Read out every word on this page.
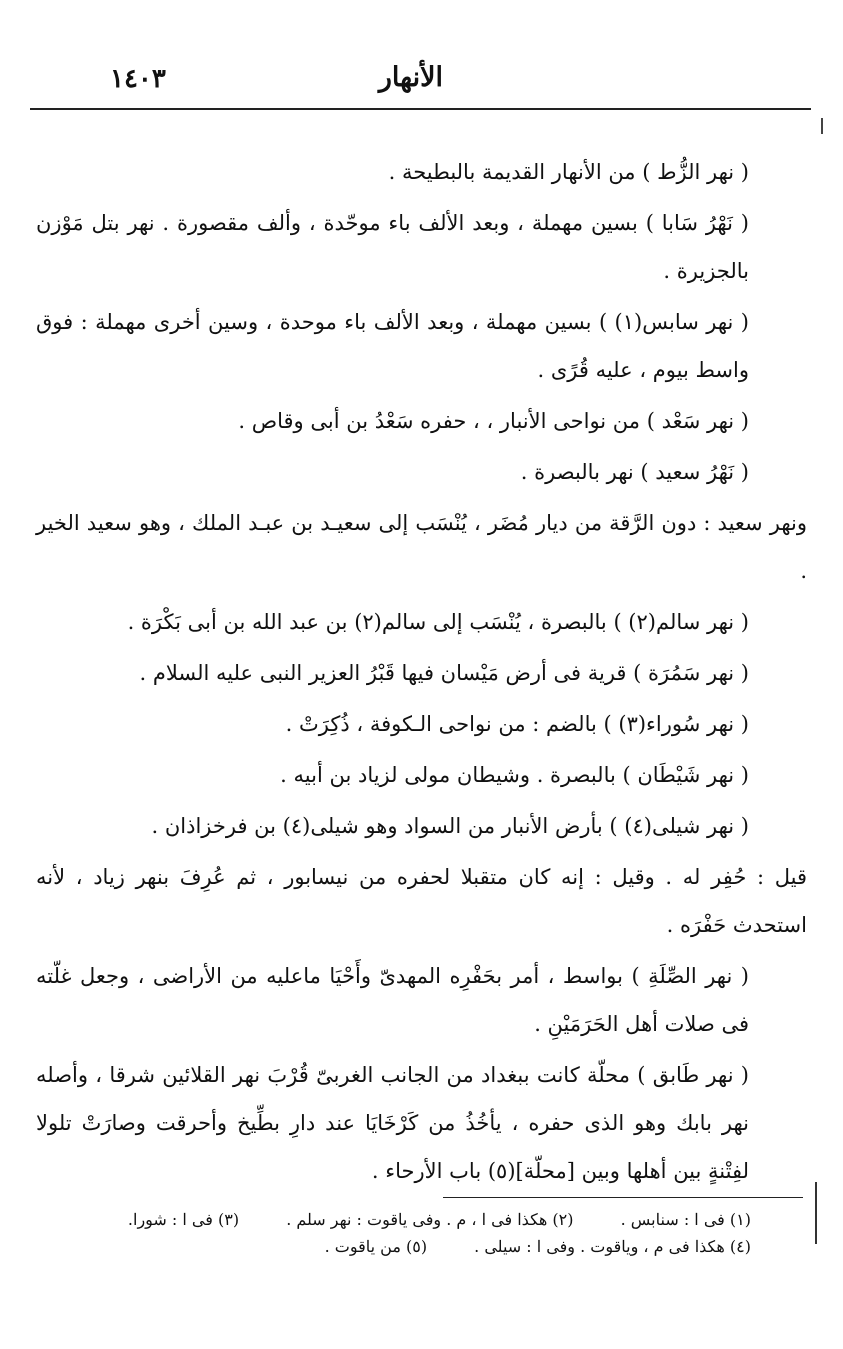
١٤٠٣	الأنهار

( نهر الزُّط ) من الأنهار القديمة بالبطيحة .

( نَهْرُ سَابا ) بسين مهملة ، وبعد الألف باء موحّدة ، وألف مقصورة . نهر بتل مَوْزن بالجزيرة .

( نهر سابس(١) ) بسين مهملة ، وبعد الألف باء موحدة ، وسين أخرى مهملة : فوق واسط بيوم ، عليه قُرًى .

( نهر سَعْد ) من نواحى الأنبار ، ، حفره سَعْدُ بن أبى وقاص .

( نَهْرُ سعيد ) نهر بالبصرة .

ونهر سعيد : دون الرَّقة من ديار مُضَر ، يُنْسَب إلى سعيـد بن عبـد الملك ، وهو سعيد الخير .

( نهر سالم(٢) ) بالبصرة ، يُنْسَب إلى سالم(٢) بن عبد الله بن أبى بَكْرَة .

( نهر سَمُرَة ) قرية فى أرض مَيْسان فيها قَبْرُ العزير النبى عليه السلام .

( نهر سُوراء(٣) ) بالضم : من نواحى الـكوفة ، ذُكِرَتْ .

( نهر شَيْطَان ) بالبصرة . وشيطان مولى لزياد بن أبيه .

( نهر شيلى(٤) ) بأرض الأنبار من السواد وهو شيلى(٤) بن فرخزاذان .

قيل : حُفِر له . وقيل : إنه كان متقبلا لحفره من نيسابور ، ثم عُرِفَ بنهر زياد ، لأنه استحدث حَفْرَه .

( نهر الصِّلَةِ ) بواسط ، أمر بحَفْرِه المهدىّ وأَحْيَا ماعليه من الأراضى ، وجعل غلّته فى صلات أهل الحَرَمَيْنِ .

( نهر طَابق ) محلّة كانت ببغداد من الجانب الغربىّ قُرْبَ نهر القلائين شرقا ، وأصله نهر بابك وهو الذى حفره ، يأخُذُ من كَرْخَايَا عند دارِ بطِّيخ وأحرقت وصارَتْ تلولا لفِتْنةٍ بين أهلها وبين [محلّة](٥) باب الأرحاء .

(١) فى ا : سنابس . (٢) هكذا فى ا ، م . وفى ياقوت : نهر سلم . (٣) فى ا : شورا.
(٤) هكذا فى م ، وياقوت . وفى ا : سيلى . (٥) من ياقوت .
